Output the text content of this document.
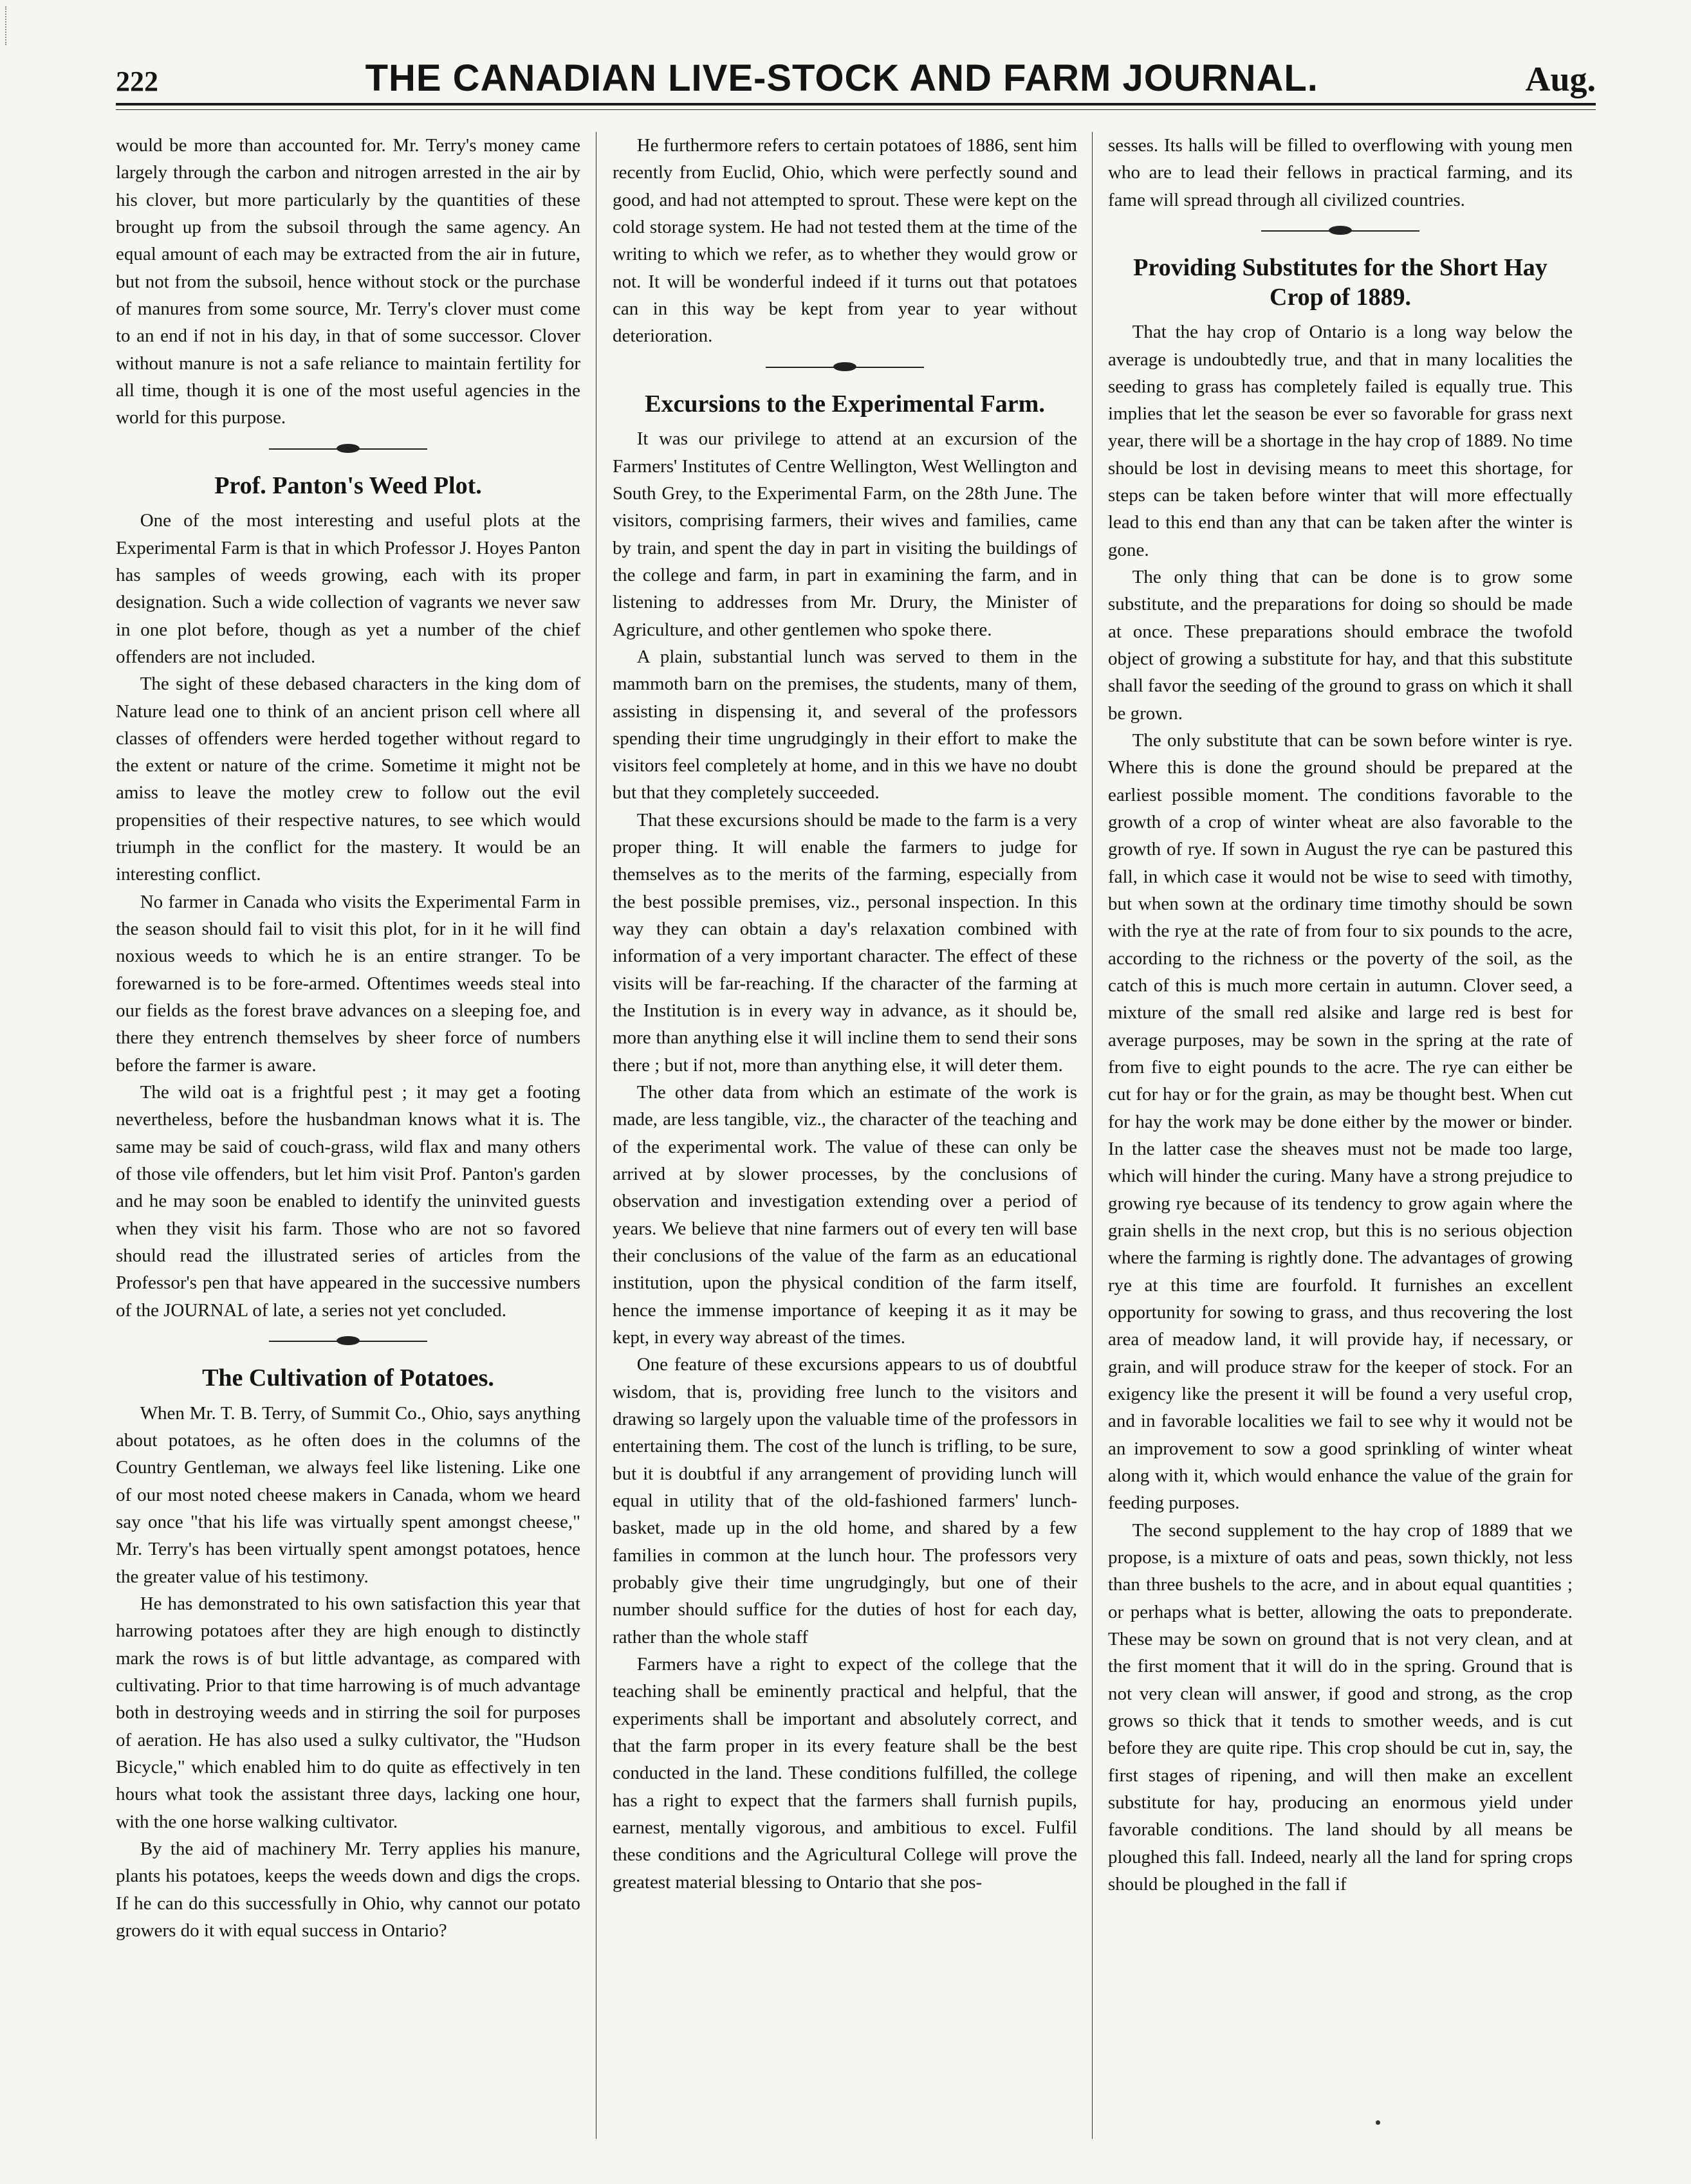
222	THE CANADIAN LIVE-STOCK AND FARM JOURNAL.	Aug.

would be more than accounted for. Mr. Terry's money came largely through the carbon and nitrogen arrested in the air by his clover, but more particularly by the quantities of these brought up from the subsoil through the same agency. An equal amount of each may be extracted from the air in future, but not from the subsoil, hence without stock or the purchase of manures from some source, Mr. Terry's clover must come to an end if not in his day, in that of some successor. Clover without manure is not a safe reliance to maintain fertility for all time, though it is one of the most useful agencies in the world for this purpose.

Prof. Panton's Weed Plot.

One of the most interesting and useful plots at the Experimental Farm is that in which Professor J. Hoyes Panton has samples of weeds growing, each with its proper designation. Such a wide collection of vagrants we never saw in one plot before, though as yet a number of the chief offenders are not included.

The sight of these debased characters in the king dom of Nature lead one to think of an ancient prison cell where all classes of offenders were herded together without regard to the extent or nature of the crime. Sometime it might not be amiss to leave the motley crew to follow out the evil propensities of their respective natures, to see which would triumph in the conflict for the mastery. It would be an interesting conflict.

No farmer in Canada who visits the Experimental Farm in the season should fail to visit this plot, for in it he will find noxious weeds to which he is an entire stranger. To be forewarned is to be fore-armed. Oftentimes weeds steal into our fields as the forest brave advances on a sleeping foe, and there they entrench themselves by sheer force of numbers before the farmer is aware.

The wild oat is a frightful pest ; it may get a footing nevertheless, before the husbandman knows what it is. The same may be said of couch-grass, wild flax and many others of those vile offenders, but let him visit Prof. Panton's garden and he may soon be enabled to identify the uninvited guests when they visit his farm. Those who are not so favored should read the illustrated series of articles from the Professor's pen that have appeared in the successive numbers of the JOURNAL of late, a series not yet concluded.

The Cultivation of Potatoes.

When Mr. T. B. Terry, of Summit Co., Ohio, says anything about potatoes, as he often does in the columns of the Country Gentleman, we always feel like listening. Like one of our most noted cheese makers in Canada, whom we heard say once "that his life was virtually spent amongst cheese," Mr. Terry's has been virtually spent amongst potatoes, hence the greater value of his testimony.

He has demonstrated to his own satisfaction this year that harrowing potatoes after they are high enough to distinctly mark the rows is of but little advantage, as compared with cultivating. Prior to that time harrowing is of much advantage both in destroying weeds and in stirring the soil for purposes of aeration. He has also used a sulky cultivator, the "Hudson Bicycle," which enabled him to do quite as effectively in ten hours what took the assistant three days, lacking one hour, with the one horse walking cultivator.

By the aid of machinery Mr. Terry applies his manure, plants his potatoes, keeps the weeds down and digs the crops. If he can do this successfully in Ohio, why cannot our potato growers do it with equal success in Ontario?

He furthermore refers to certain potatoes of 1886, sent him recently from Euclid, Ohio, which were perfectly sound and good, and had not attempted to sprout. These were kept on the cold storage system. He had not tested them at the time of the writing to which we refer, as to whether they would grow or not. It will be wonderful indeed if it turns out that potatoes can in this way be kept from year to year without deterioration.

Excursions to the Experimental Farm.

It was our privilege to attend at an excursion of the Farmers' Institutes of Centre Wellington, West Wellington and South Grey, to the Experimental Farm, on the 28th June. The visitors, comprising farmers, their wives and families, came by train, and spent the day in part in visiting the buildings of the college and farm, in part in examining the farm, and in listening to addresses from Mr. Drury, the Minister of Agriculture, and other gentlemen who spoke there.

A plain, substantial lunch was served to them in the mammoth barn on the premises, the students, many of them, assisting in dispensing it, and several of the professors spending their time ungrudgingly in their effort to make the visitors feel completely at home, and in this we have no doubt but that they completely succeeded.

That these excursions should be made to the farm is a very proper thing. It will enable the farmers to judge for themselves as to the merits of the farming, especially from the best possible premises, viz., personal inspection. In this way they can obtain a day's relaxation combined with information of a very important character. The effect of these visits will be far-reaching. If the character of the farming at the Institution is in every way in advance, as it should be, more than anything else it will incline them to send their sons there ; but if not, more than anything else, it will deter them.

The other data from which an estimate of the work is made, are less tangible, viz., the character of the teaching and of the experimental work. The value of these can only be arrived at by slower processes, by the conclusions of observation and investigation extending over a period of years. We believe that nine farmers out of every ten will base their conclusions of the value of the farm as an educational institution, upon the physical condition of the farm itself, hence the immense importance of keeping it as it may be kept, in every way abreast of the times.

One feature of these excursions appears to us of doubtful wisdom, that is, providing free lunch to the visitors and drawing so largely upon the valuable time of the professors in entertaining them. The cost of the lunch is trifling, to be sure, but it is doubtful if any arrangement of providing lunch will equal in utility that of the old-fashioned farmers' lunch-basket, made up in the old home, and shared by a few families in common at the lunch hour. The professors very probably give their time ungrudgingly, but one of their number should suffice for the duties of host for each day, rather than the whole staff

Farmers have a right to expect of the college that the teaching shall be eminently practical and helpful, that the experiments shall be important and absolutely correct, and that the farm proper in its every feature shall be the best conducted in the land. These conditions fulfilled, the college has a right to expect that the farmers shall furnish pupils, earnest, mentally vigorous, and ambitious to excel. Fulfil these conditions and the Agricultural College will prove the greatest material blessing to Ontario that she pos-

sesses. Its halls will be filled to overflowing with young men who are to lead their fellows in practical farming, and its fame will spread through all civilized countries.

Providing Substitutes for the Short Hay Crop of 1889.

That the hay crop of Ontario is a long way below the average is undoubtedly true, and that in many localities the seeding to grass has completely failed is equally true. This implies that let the season be ever so favorable for grass next year, there will be a shortage in the hay crop of 1889. No time should be lost in devising means to meet this shortage, for steps can be taken before winter that will more effectually lead to this end than any that can be taken after the winter is gone.

The only thing that can be done is to grow some substitute, and the preparations for doing so should be made at once. These preparations should embrace the twofold object of growing a substitute for hay, and that this substitute shall favor the seeding of the ground to grass on which it shall be grown.

The only substitute that can be sown before winter is rye. Where this is done the ground should be prepared at the earliest possible moment. The conditions favorable to the growth of a crop of winter wheat are also favorable to the growth of rye. If sown in August the rye can be pastured this fall, in which case it would not be wise to seed with timothy, but when sown at the ordinary time timothy should be sown with the rye at the rate of from four to six pounds to the acre, according to the richness or the poverty of the soil, as the catch of this is much more certain in autumn. Clover seed, a mixture of the small red alsike and large red is best for average purposes, may be sown in the spring at the rate of from five to eight pounds to the acre. The rye can either be cut for hay or for the grain, as may be thought best. When cut for hay the work may be done either by the mower or binder. In the latter case the sheaves must not be made too large, which will hinder the curing. Many have a strong prejudice to growing rye because of its tendency to grow again where the grain shells in the next crop, but this is no serious objection where the farming is rightly done. The advantages of growing rye at this time are fourfold. It furnishes an excellent opportunity for sowing to grass, and thus recovering the lost area of meadow land, it will provide hay, if necessary, or grain, and will produce straw for the keeper of stock. For an exigency like the present it will be found a very useful crop, and in favorable localities we fail to see why it would not be an improvement to sow a good sprinkling of winter wheat along with it, which would enhance the value of the grain for feeding purposes.

The second supplement to the hay crop of 1889 that we propose, is a mixture of oats and peas, sown thickly, not less than three bushels to the acre, and in about equal quantities ; or perhaps what is better, allowing the oats to preponderate. These may be sown on ground that is not very clean, and at the first moment that it will do in the spring. Ground that is not very clean will answer, if good and strong, as the crop grows so thick that it tends to smother weeds, and is cut before they are quite ripe. This crop should be cut in, say, the first stages of ripening, and will then make an excellent substitute for hay, producing an enormous yield under favorable conditions. The land should by all means be ploughed this fall. Indeed, nearly all the land for spring crops should be ploughed in the fall if
